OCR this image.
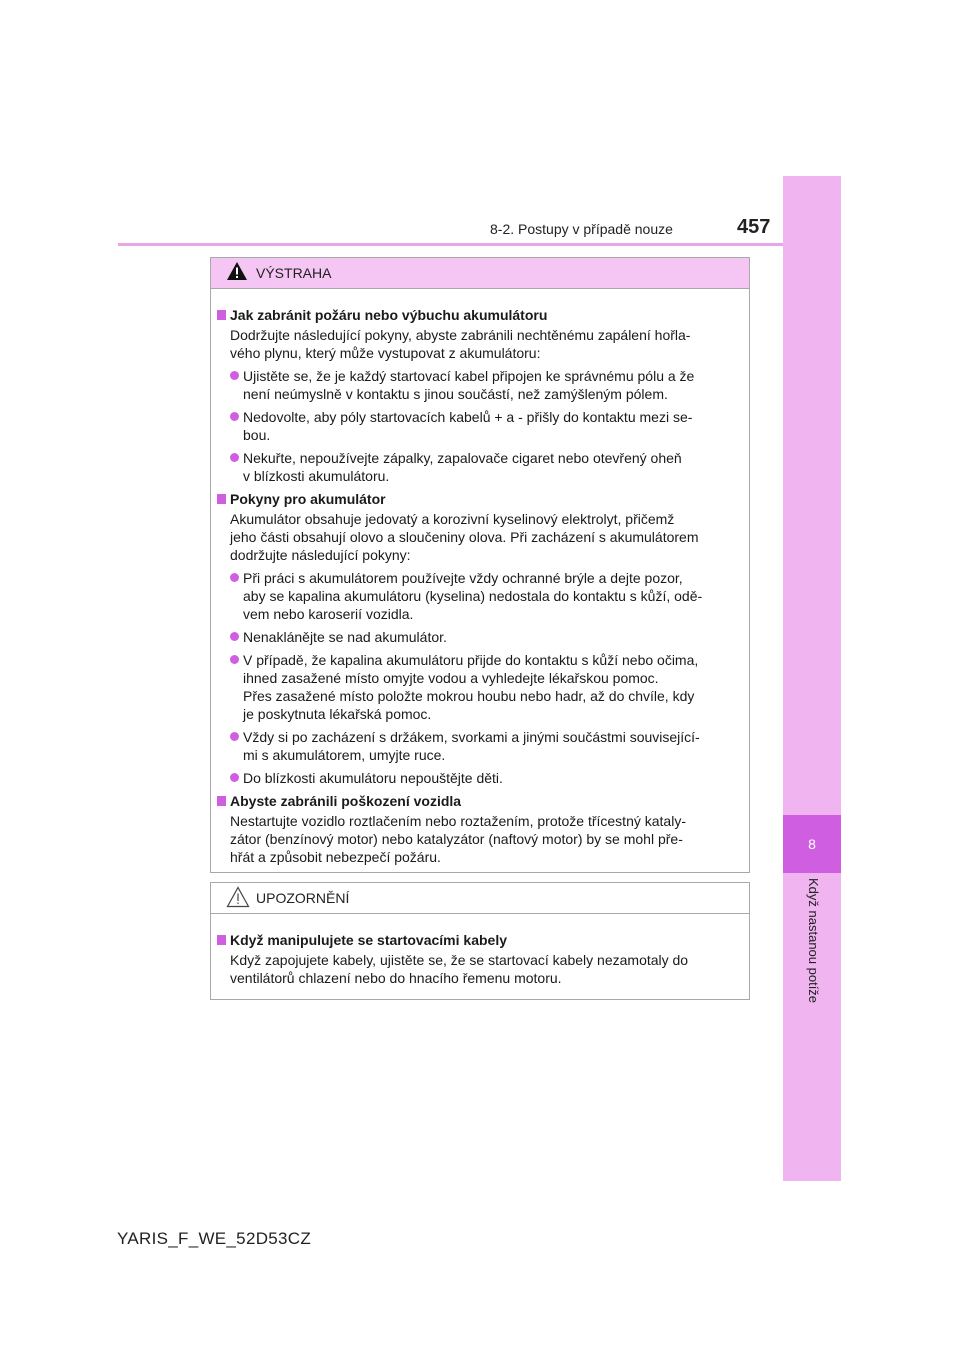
8
Když nastanou potíže
8-2. Postupy v případě nouze	457
VÝSTRAHA
Jak zabránit požáru nebo výbuchu akumulátoru
Dodržujte následující pokyny, abyste zabránili nechtěnému zapálení hořla-
vého plynu, který může vystupovat z akumulátoru:
Ujistěte se, že je každý startovací kabel připojen ke správnému pólu a že
není neúmyslně v kontaktu s jinou součástí, než zamýšleným pólem.
Nedovolte, aby póly startovacích kabelů + a - přišly do kontaktu mezi se-
bou.
Nekuřte, nepoužívejte zápalky, zapalovače cigaret nebo otevřený oheň
v blízkosti akumulátoru.
Pokyny pro akumulátor
Akumulátor obsahuje jedovatý a korozivní kyselinový elektrolyt, přičemž
jeho části obsahují olovo a sloučeniny olova. Při zacházení s akumulátorem
dodržujte následující pokyny:
Při práci s akumulátorem používejte vždy ochranné brýle a dejte pozor,
aby se kapalina akumulátoru (kyselina) nedostala do kontaktu s kůží, odě-
vem nebo karoserií vozidla.
Nenaklánějte se nad akumulátor.
V případě, že kapalina akumulátoru přijde do kontaktu s kůží nebo očima,
ihned zasažené místo omyjte vodou a vyhledejte lékařskou pomoc.
Přes zasažené místo položte mokrou houbu nebo hadr, až do chvíle, kdy
je poskytnuta lékařská pomoc.
Vždy si po zacházení s držákem, svorkami a jinými součástmi související-
mi s akumulátorem, umyjte ruce.
Do blízkosti akumulátoru nepouštějte děti.
Abyste zabránili poškození vozidla
Nestartujte vozidlo roztlačením nebo roztažením, protože třícestný kataly-
zátor (benzínový motor) nebo katalyzátor (naftový motor) by se mohl pře-
hřát a způsobit nebezpečí požáru.
UPOZORNĚNÍ
Když manipulujete se startovacími kabely
Když zapojujete kabely, ujistěte se, že se startovací kabely nezamotaly do
ventilátorů chlazení nebo do hnacího řemenu motoru.
YARIS_F_WE_52D53CZ
